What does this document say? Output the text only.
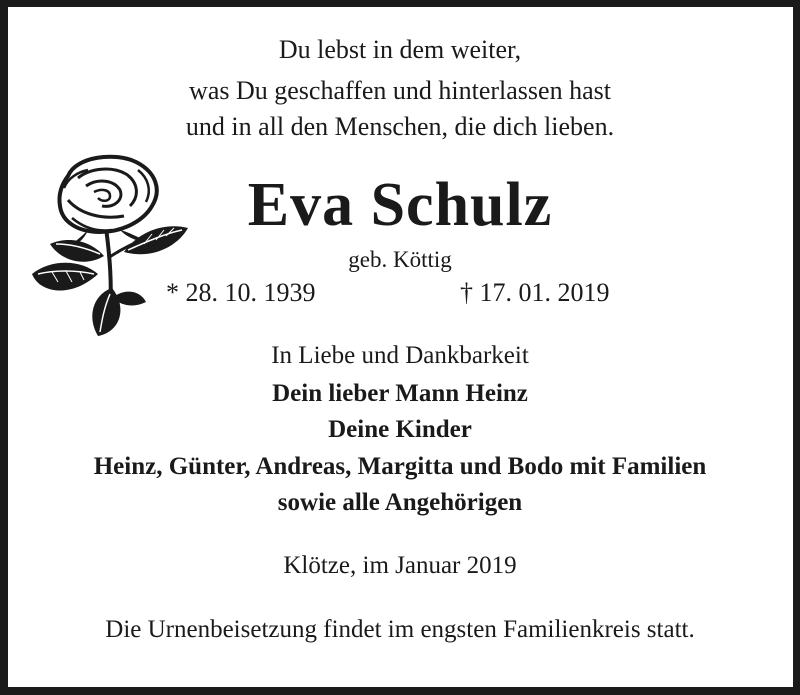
Du lebst in dem weiter,
was Du geschaffen und hinterlassen hast
und in all den Menschen, die dich lieben.
Eva Schulz
geb. Köttig
* 28. 10. 1939	† 17. 01. 2019
In Liebe und Dankbarkeit
Dein lieber Mann Heinz
Deine Kinder
Heinz, Günter, Andreas, Margitta und Bodo mit Familien
sowie alle Angehörigen
Klötze, im Januar 2019
Die Urnenbeisetzung findet im engsten Familienkreis statt.
